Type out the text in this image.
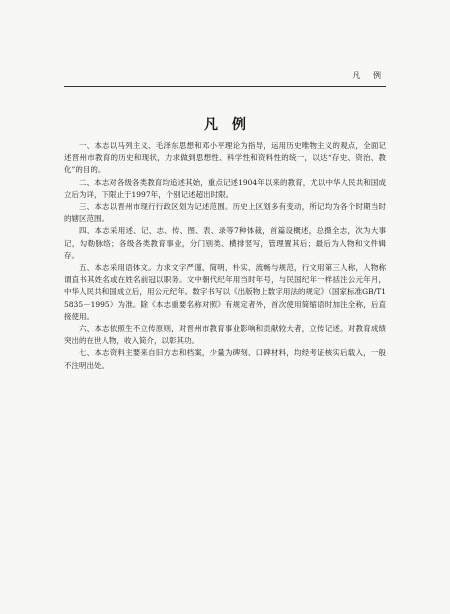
凡 例
凡例

一、本志以马列主义、毛泽东思想和邓小平理论为指导，运用历史唯物主义的观点，全面记述晋州市教育的历史和现状，力求做到思想性、科学性和资料性的统一，以达“存史、资治、教化”的目的。

二、本志对各级各类教育均追述其始，重点记述1904年以来的教育，尤以中华人民共和国成立后为详，下限止于1997年，个别记述超出时限。

三、本志以晋州市现行行政区划为记述范围。历史上区划多有变动，所记均为各个时期当时的辖区范围。

四、本志采用述、记、志、传、图、表、录等7种体裁，首篇设概述，总摄全志，次为大事记，勾勒脉络；各级各类教育事业，分门别类、横排竖写，管理置其后；最后为人物和文件辑存。

五、本志采用语体文。力求文字严谨、简明、朴实、流畅与规范，行文用第三人称，人物称谓直书其姓名或在姓名前冠以职务。文中朝代纪年用当时年号，与民国纪年一样括注公元年月，中华人民共和国成立后，用公元纪年。数字书写以《出版物上数字用法的规定》（国家标准GB/T15835－1995）为准。除《本志重要名称对照》有规定者外，首次使用简缩语时加注全称，后直接使用。

六、本志依照生不立传原则，对晋州市教育事业影响和贡献较大者，立传记述。对教育成绩突出的在世人物，收入简介，以彰其功。

七、本志资料主要来自旧方志和档案，少量为碑刻、口碑材料，均经考证核实后载入，一般不注明出处。
